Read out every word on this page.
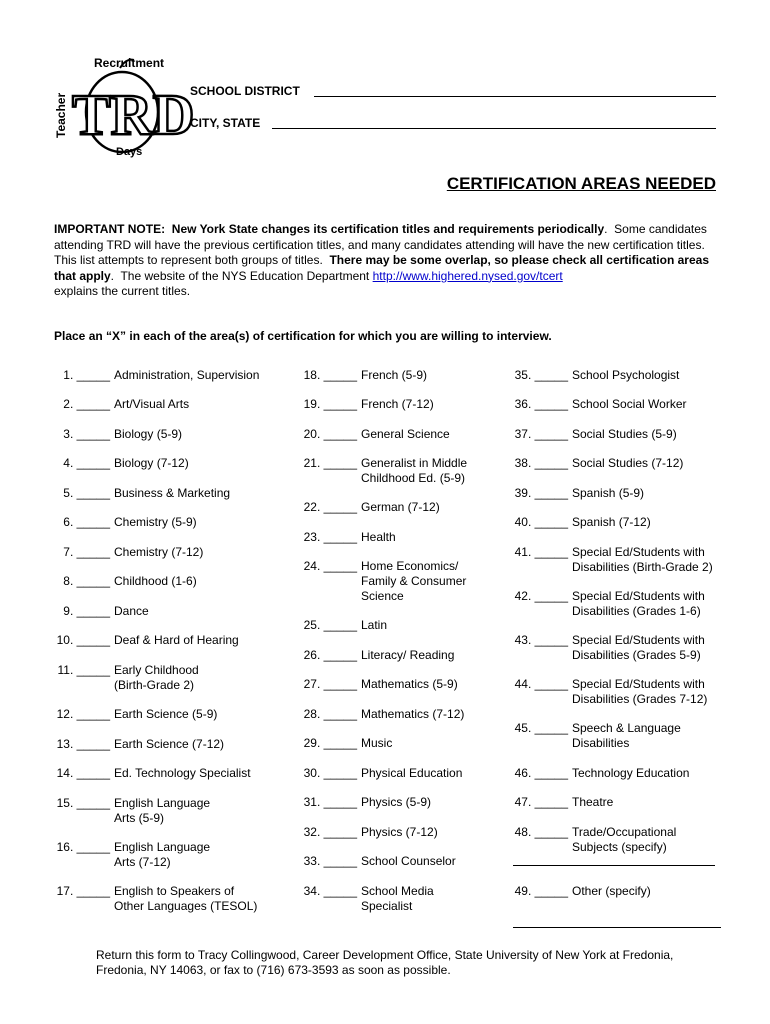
Recruitment
Teacher TRD
Days
SCHOOL DISTRICT
CITY, STATE
CERTIFICATION AREAS NEEDED
IMPORTANT NOTE:  New York State changes its certification titles and requirements periodically.  Some candidates attending TRD will have the previous certification titles, and many candidates attending will have the new certification titles. This list attempts to represent both groups of titles. There may be some overlap, so please check all certification areas that apply.  The website of the NYS Education Department http://www.highered.nysed.gov/tcert
explains the current titles.
Place an “X” in each of the area(s) of certification for which you are willing to interview.
1. _____ Administration, Supervision
2. _____ Art/Visual Arts
3. _____ Biology (5-9)
4. _____ Biology (7-12)
5. _____ Business & Marketing
6. _____ Chemistry (5-9)
7. _____ Chemistry (7-12)
8. _____ Childhood (1-6)
9. _____ Dance
10. _____ Deaf & Hard of Hearing
11. _____ Early Childhood
(Birth-Grade 2)
12. _____ Earth Science (5-9)
13. _____ Earth Science (7-12)
14. _____ Ed. Technology Specialist
15. _____ English Language
Arts (5-9)
16. _____ English Language
Arts (7-12)
17. _____ English to Speakers of
Other Languages (TESOL)
18. _____ French (5-9)
19. _____ French (7-12)
20. _____ General Science
21. _____ Generalist in Middle
Childhood Ed. (5-9)
22. _____ German (7-12)
23. _____ Health
24. _____ Home Economics/
Family & Consumer
Science
25. _____ Latin
26. _____ Literacy/ Reading
27. _____ Mathematics (5-9)
28. _____ Mathematics (7-12)
29. _____ Music
30. _____ Physical Education
31. _____ Physics (5-9)
32. _____ Physics (7-12)
33. _____ School Counselor
34. _____ School Media
Specialist
35. _____ School Psychologist
36. _____ School Social Worker
37. _____ Social Studies (5-9)
38. _____ Social Studies (7-12)
39. _____ Spanish (5-9)
40. _____ Spanish (7-12)
41. _____ Special Ed/Students with
Disabilities (Birth-Grade 2)
42. _____ Special Ed/Students with
Disabilities (Grades 1-6)
43. _____ Special Ed/Students with
Disabilities (Grades 5-9)
44. _____ Special Ed/Students with
Disabilities (Grades 7-12)
45. _____ Speech & Language
Disabilities
46. _____ Technology Education
47. _____ Theatre
48. _____ Trade/Occupational
Subjects (specify)
49. _____ Other (specify)
Return this form to Tracy Collingwood, Career Development Office, State University of New York at Fredonia,
Fredonia, NY 14063, or fax to (716) 673-3593 as soon as possible.
